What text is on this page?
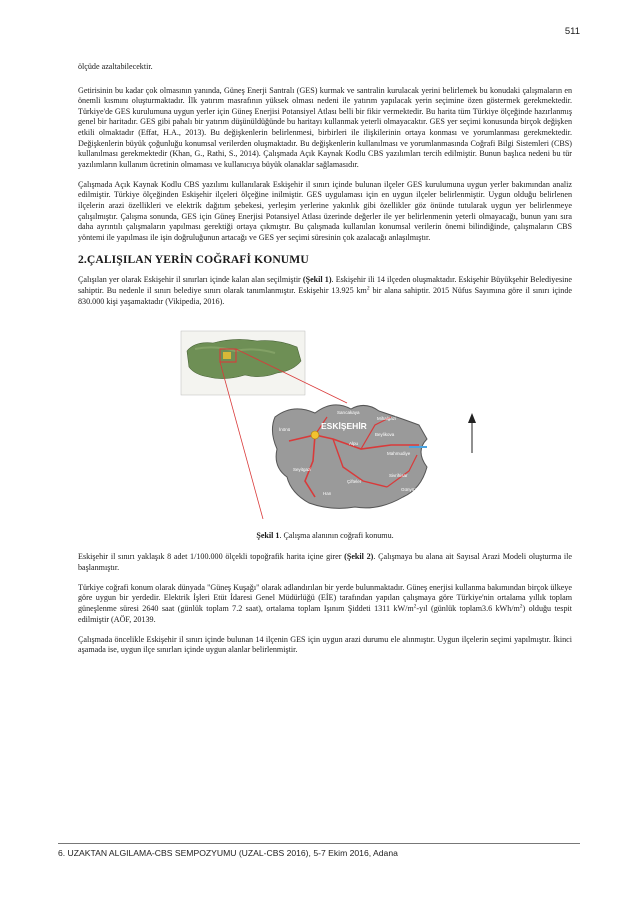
511

ölçüde azaltabilecektir.

Getirisinin bu kadar çok olmasının yanında, Güneş Enerji Santralı (GES) kurmak ve santralin kurulacak yerini belirlemek bu konudaki çalışmaların en önemli kısmını oluşturmaktadır. İlk yatırım masrafının yüksek olması nedeni ile yatırım yapılacak yerin seçimine özen göstermek gerekmektedir. Türkiye'de GES kurulumuna uygun yerler için Güneş Enerjisi Potansiyel Atlası belli bir fikir vermektedir. Bu harita tüm Türkiye ölçeğinde hazırlanmış genel bir haritadır. GES gibi pahalı bir yatırım düşünüldüğünde bu haritayı kullanmak yeterli olmayacaktır. GES yer seçimi konusunda birçok değişken etkili olmaktadır (Effat, H.A., 2013). Bu değişkenlerin belirlenmesi, birbirleri ile ilişkilerinin ortaya konması ve yorumlanması gerekmektedir. Değişkenlerin büyük çoğunluğu konumsal verilerden oluşmaktadır. Bu değişkenlerin kullanılması ve yorumlanmasında Coğrafi Bilgi Sistemleri (CBS) kullanılması gerekmektedir (Khan, G., Rathi, S., 2014). Çalışmada Açık Kaynak Kodlu CBS yazılımları tercih edilmiştir. Bunun başlıca nedeni bu tür yazılımların kullanım ücretinin olmaması ve kullanıcıya büyük olanaklar sağlamasıdır.

Çalışmada Açık Kaynak Kodlu CBS yazılımı kullanılarak Eskişehir il sınırı içinde bulunan ilçeler GES kurulumuna uygun yerler bakımından analiz edilmiştir. Türkiye ölçeğinden Eskişehir ilçeleri ölçeğine inilmiştir. GES uygulaması için en uygun ilçeler belirlenmiştir. Uygun olduğu belirlenen ilçelerin arazi özellikleri ve elektrik dağıtım şebekesi, yerleşim yerlerine yakınlık gibi özellikler göz önünde tutularak uygun yer belirlenmeye çalışılmıştır. Çalışma sonunda, GES için Güneş Enerjisi Potansiyel Atlası üzerinde değerler ile yer belirlenmenin yeterli olmayacağı, bunun yanı sıra daha ayrıntılı çalışmaların yapılması gerektiği ortaya çıkmıştır. Bu çalışmada kullanılan konumsal verilerin önemi bilindiğinde, çalışmaların CBS yöntemi ile yapılması ile işin doğruluğunun artacağı ve GES yer seçimi süresinin çok azalacağı anlaşılmıştır.

2.ÇALIŞILAN YERİN COĞRAFİ KONUMU

Çalışılan yer olarak Eskişehir il sınırları içinde kalan alan seçilmiştir (Şekil 1). Eskişehir ili 14 ilçeden oluşmaktadır. Eskişehir Büyükşehir Belediyesine sahiptir. Bu nedenle il sınırı belediye sınırı olarak tanımlanmıştır. Eskişehir 13.925 $km^2$ bir alana sahiptir. 2015 Nüfus Sayımına göre il sınırı içinde 830.000 kişi yaşamaktadır (Vikipedia, 2016).

ESKİŞEHİR
Sarıcakaya
Mihalgazi
İnönü
Alpu
Beylikova
Mahmudiye
Seyitgazi
Çifteler
Sivrihisar
Günyüzü
Han

Şekil 1. Çalışma alanının coğrafi konumu.

Eskişehir il sınırı yaklaşık 8 adet 1/100.000 ölçekli topoğrafik harita içine girer (Şekil 2). Çalışmaya bu alana ait Sayısal Arazi Modeli oluşturma ile başlanmıştır.

Türkiye coğrafi konum olarak dünyada "Güneş Kuşağı" olarak adlandırılan bir yerde bulunmaktadır. Güneş enerjisi kullanma bakımından birçok ülkeye göre uygun bir yerdedir. Elektrik İşleri Etüt İdaresi Genel Müdürlüğü (EİE) tarafından yapılan çalışmaya göre Türkiye'nin ortalama yıllık toplam güneşlenme süresi 2640 saat (günlük toplam 7.2 saat), ortalama toplam Işınım Şiddeti 1311 $kW/m^2$-yıl (günlük toplam3.6 kWh/$m^2$) olduğu tespit edilmiştir (AÖF, 20139.

Çalışmada öncelikle Eskişehir il sınırı içinde bulunan 14 ilçenin GES için uygun arazi durumu ele alınmıştır. Uygun ilçelerin seçimi yapılmıştır. İkinci aşamada ise, uygun ilçe sınırları içinde uygun alanlar belirlenmiştir.

6. UZAKTAN ALGILAMA-CBS SEMPOZYUMU (UZAL-CBS 2016), 5-7 Ekim 2016, Adana
